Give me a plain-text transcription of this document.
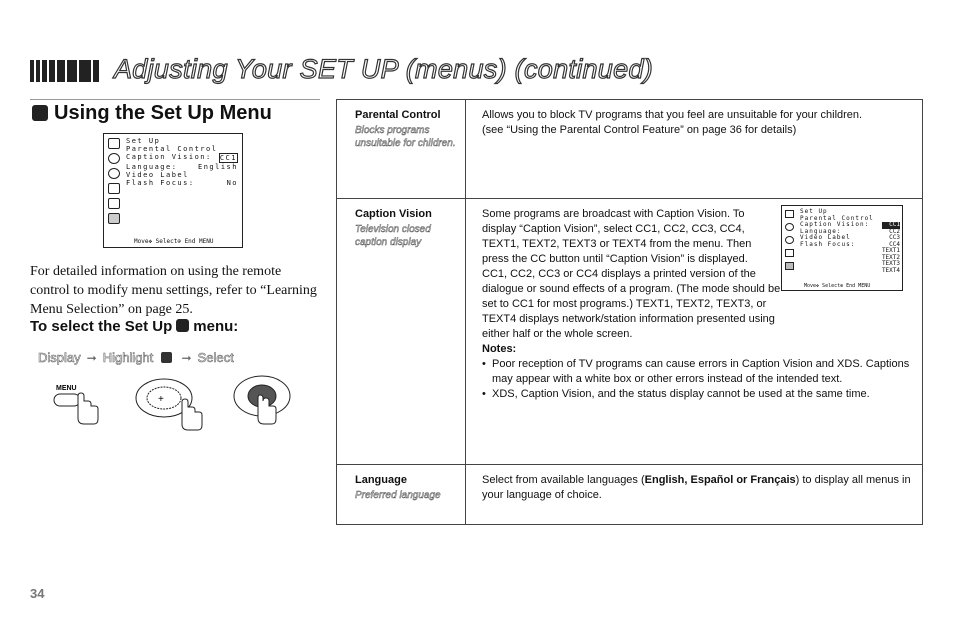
Adjusting Your SET UP (menus) (continued)
Using the Set Up Menu
Set Up
Parental Control
Caption Vision: CC1
Language:	English
Video Label
Flash Focus:	No
Move✥ Select⊕ End MENU
For detailed information on using the remote control to modify menu settings, refer to “Learning Menu Selection” on page 25.
To select the Set Up menu:
Display ➞ Highlight ➞ Select
MENU
+
Parental Control
Blocks programs unsuitable for children.
Allows you to block TV programs that you feel are unsuitable for your children.
(see “Using the Parental Control Feature” on page 36 for details)
Caption Vision
Television closed caption display
Some programs are broadcast with Caption Vision. To display “Caption Vision”, select CC1, CC2, CC3, CC4, TEXT1, TEXT2, TEXT3 or TEXT4 from the menu. Then press the CC button until “Caption Vision” is displayed.
CC1, CC2, CC3 or CC4 displays a printed version of the dialogue or sound effects of a program. (The mode should be set to CC1 for most programs.) TEXT1, TEXT2, TEXT3, or TEXT4 displays network/station information presented using either half or the whole screen.
Notes:
• Poor reception of TV programs can cause errors in Caption Vision and XDS. Captions may appear with a white box or other errors instead of the intended text.
• XDS, Caption Vision, and the status display cannot be used at the same time.
Set Up
Parental Control
Caption Vision:
Language:
Video Label
Flash Focus:
CC1
CC2
CC3
CC4
TEXT1
TEXT2
TEXT3
TEXT4
Move✥ Select⊕ End MENU
Language
Preferred language
Select from available languages (English, Español or Français) to display all menus in your language of choice.
34
